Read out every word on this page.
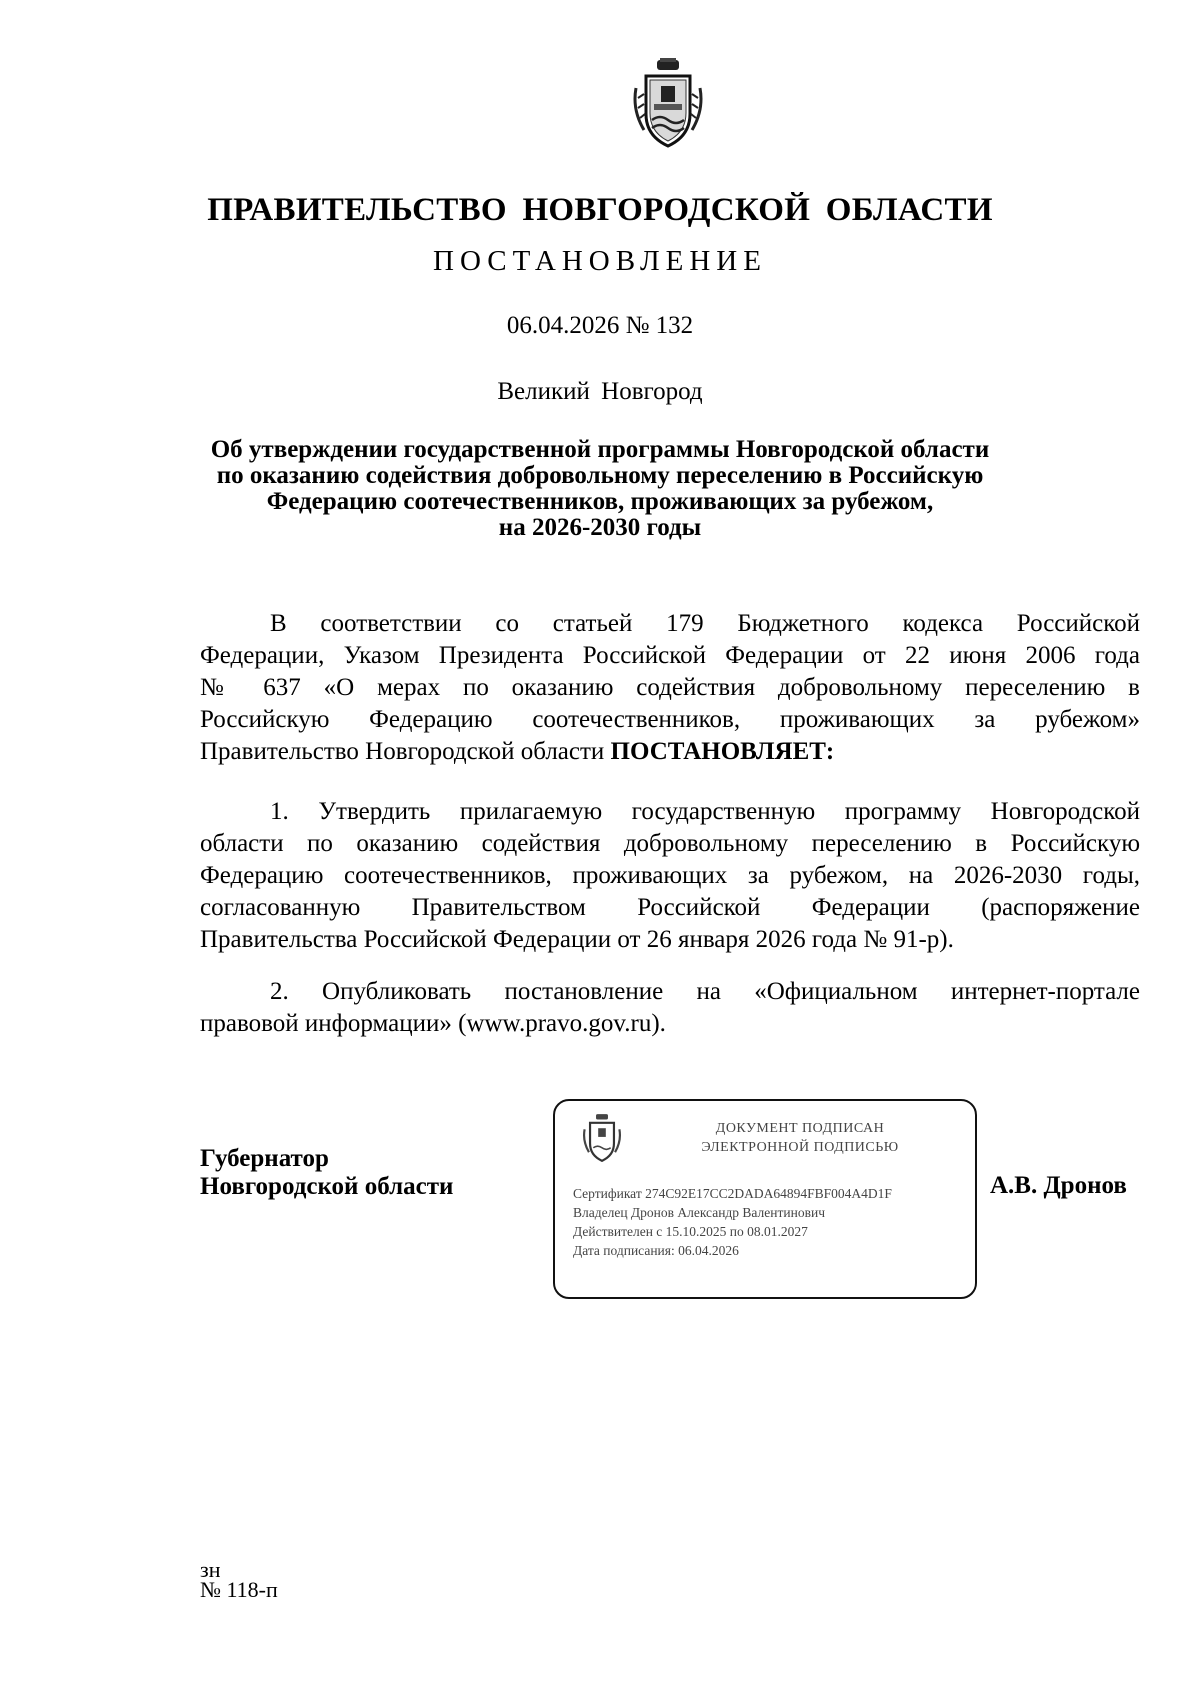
ПРАВИТЕЛЬСТВО НОВГОРОДСКОЙ ОБЛАСТИ
ПОСТАНОВЛЕНИЕ
06.04.2026 № 132
Великий Новгород
Об утверждении государственной программы Новгородской области
по оказанию содействия добровольному переселению в Российскую
Федерацию соотечественников, проживающих за рубежом,
на 2026-2030 годы
В соответствии со статьей 179 Бюджетного кодекса Российской
Федерации, Указом Президента Российской Федерации от 22 июня 2006 года
№ 637 «О мерах по оказанию содействия добровольному переселению в
Российскую Федерацию соотечественников, проживающих за рубежом»
Правительство Новгородской области ПОСТАНОВЛЯЕТ:
1. Утвердить прилагаемую государственную программу Новгородской
области по оказанию содействия добровольному переселению в Российскую
Федерацию соотечественников, проживающих за рубежом, на 2026-2030 годы,
согласованную Правительством Российской Федерации (распоряжение
Правительства Российской Федерации от 26 января 2026 года № 91-р).
2. Опубликовать постановление на «Официальном интернет-портале
правовой информации» (www.pravo.gov.ru).
Губернатор
Новгородской области
ДОКУМЕНТ ПОДПИСАН
ЭЛЕКТРОННОЙ ПОДПИСЬЮ
Сертификат 274C92E17CC2DADA64894FBF004A4D1F
Владелец Дронов Александр Валентинович
Действителен с 15.10.2025 по 08.01.2027
Дата подписания: 06.04.2026
А.В. Дронов
зн
№ 118-п
